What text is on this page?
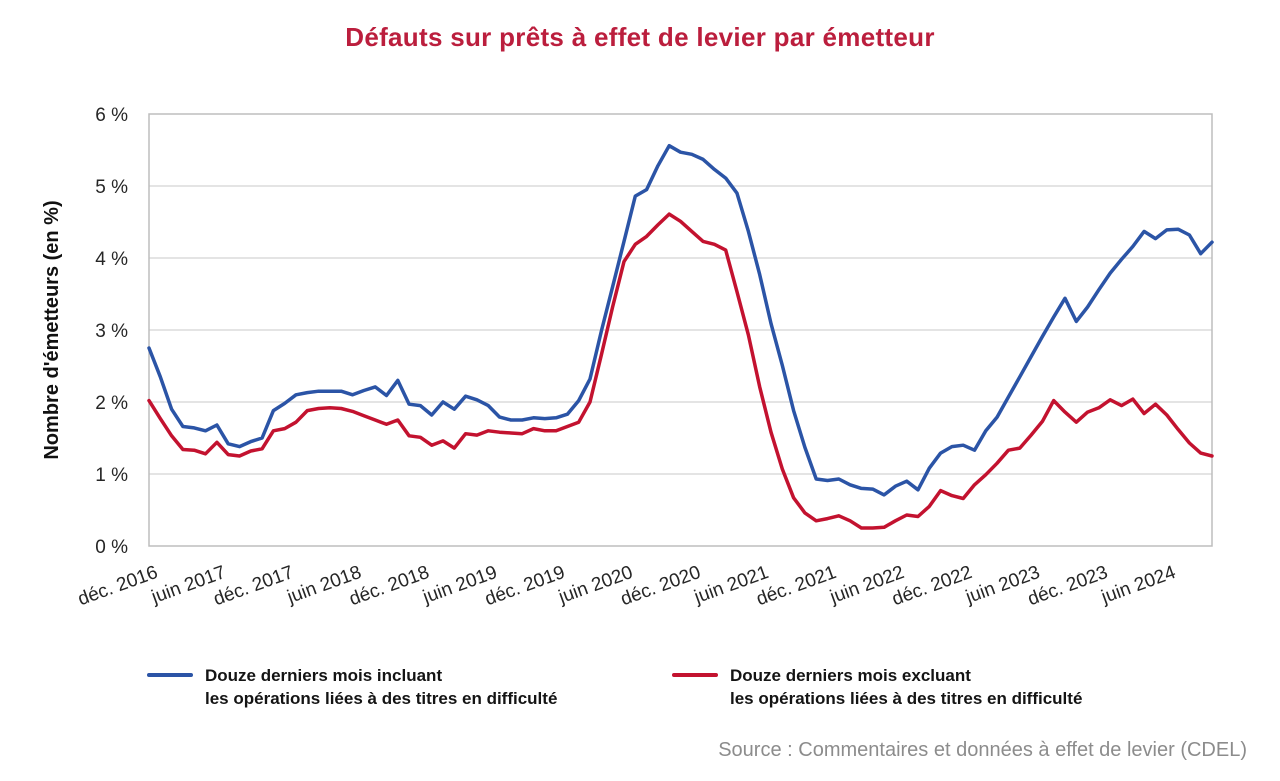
Défauts sur prêts à effet de levier par émetteur
0 %
1 %
2 %
3 %
4 %
5 %
6 %
déc. 2016
juin 2017
déc. 2017
juin 2018
déc. 2018
juin 2019
déc. 2019
juin 2020
déc. 2020
juin 2021
déc. 2021
juin 2022
déc. 2022
juin 2023
déc. 2023
juin 2024
Nombre d'émetteurs (en %)
Douze derniers mois incluant
les opérations liées à des titres en difficulté
Douze derniers mois excluant
les opérations liées à des titres en difficulté
Source : Commentaires et données à effet de levier (CDEL)
